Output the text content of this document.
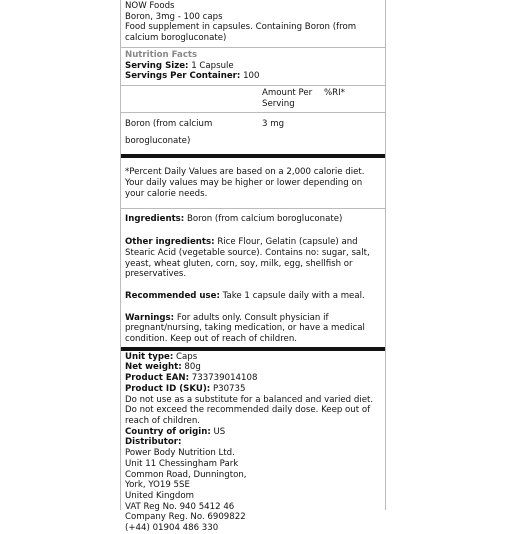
NOW Foods

Boron, 3mg - 100 caps

Food supplement in capsules. Containing Boron (from calcium borogluconate)

Nutrition Facts

Serving Size: 1 Capsule

Servings Per Container: 100

	Amount Per Serving	%RI*
Boron (from calcium borogluconate)	3 mg	

*Percent Daily Values are based on a 2,000 calorie diet. Your daily values may be higher or lower depending on your calorie needs.

Ingredients: Boron (from calcium borogluconate)

Other ingredients: Rice Flour, Gelatin (capsule) and Stearic Acid (vegetable source). Contains no: sugar, salt, yeast, wheat gluten, corn, soy, milk, egg, shellfish or preservatives.

Recommended use: Take 1 capsule daily with a meal.

Warnings: For adults only. Consult physician if pregnant/nursing, taking medication, or have a medical condition. Keep out of reach of children.

Unit type: Caps

Net weight: 80g

Product EAN: 733739014108

Product ID (SKU): P30735

Do not use as a substitute for a balanced and varied diet. Do not exceed the recommended daily dose. Keep out of reach of children.

Country of origin: US

Distributor:

Power Body Nutrition Ltd.

Unit 11 Chessingham Park

Common Road, Dunnington,

York, YO19 5SE

United Kingdom

VAT Reg No. 940 5412 46

Company Reg. No. 6909822

(+44) 01904 486 330
